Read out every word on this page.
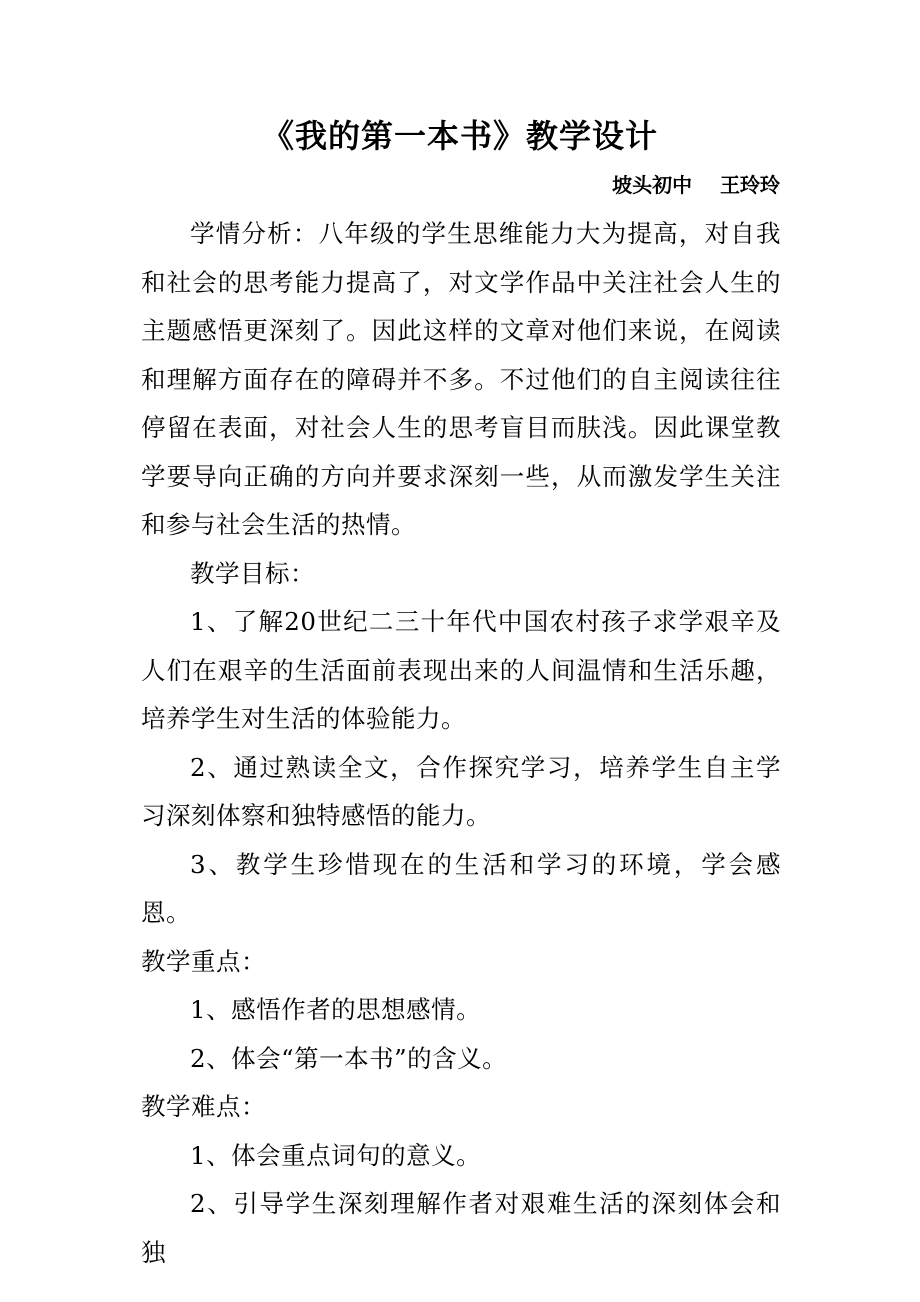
《我的第一本书》教学设计
坡头初中    王玲玲

学情分析：八年级的学生思维能力大为提高，对自我和社会的思考能力提高了，对文学作品中关注社会人生的主题感悟更深刻了。因此这样的文章对他们来说，在阅读和理解方面存在的障碍并不多。不过他们的自主阅读往往停留在表面，对社会人生的思考盲目而肤浅。因此课堂教学要导向正确的方向并要求深刻一些，从而激发学生关注和参与社会生活的热情。

教学目标：

1、了解20世纪二三十年代中国农村孩子求学艰辛及人们在艰辛的生活面前表现出来的人间温情和生活乐趣，培养学生对生活的体验能力。

2、通过熟读全文，合作探究学习，培养学生自主学习深刻体察和独特感悟的能力。

3、教学生珍惜现在的生活和学习的环境，学会感恩。

教学重点：

1、感悟作者的思想感情。

2、体会“第一本书”的含义。

教学难点：

1、体会重点词句的意义。

2、引导学生深刻理解作者对艰难生活的深刻体会和独
